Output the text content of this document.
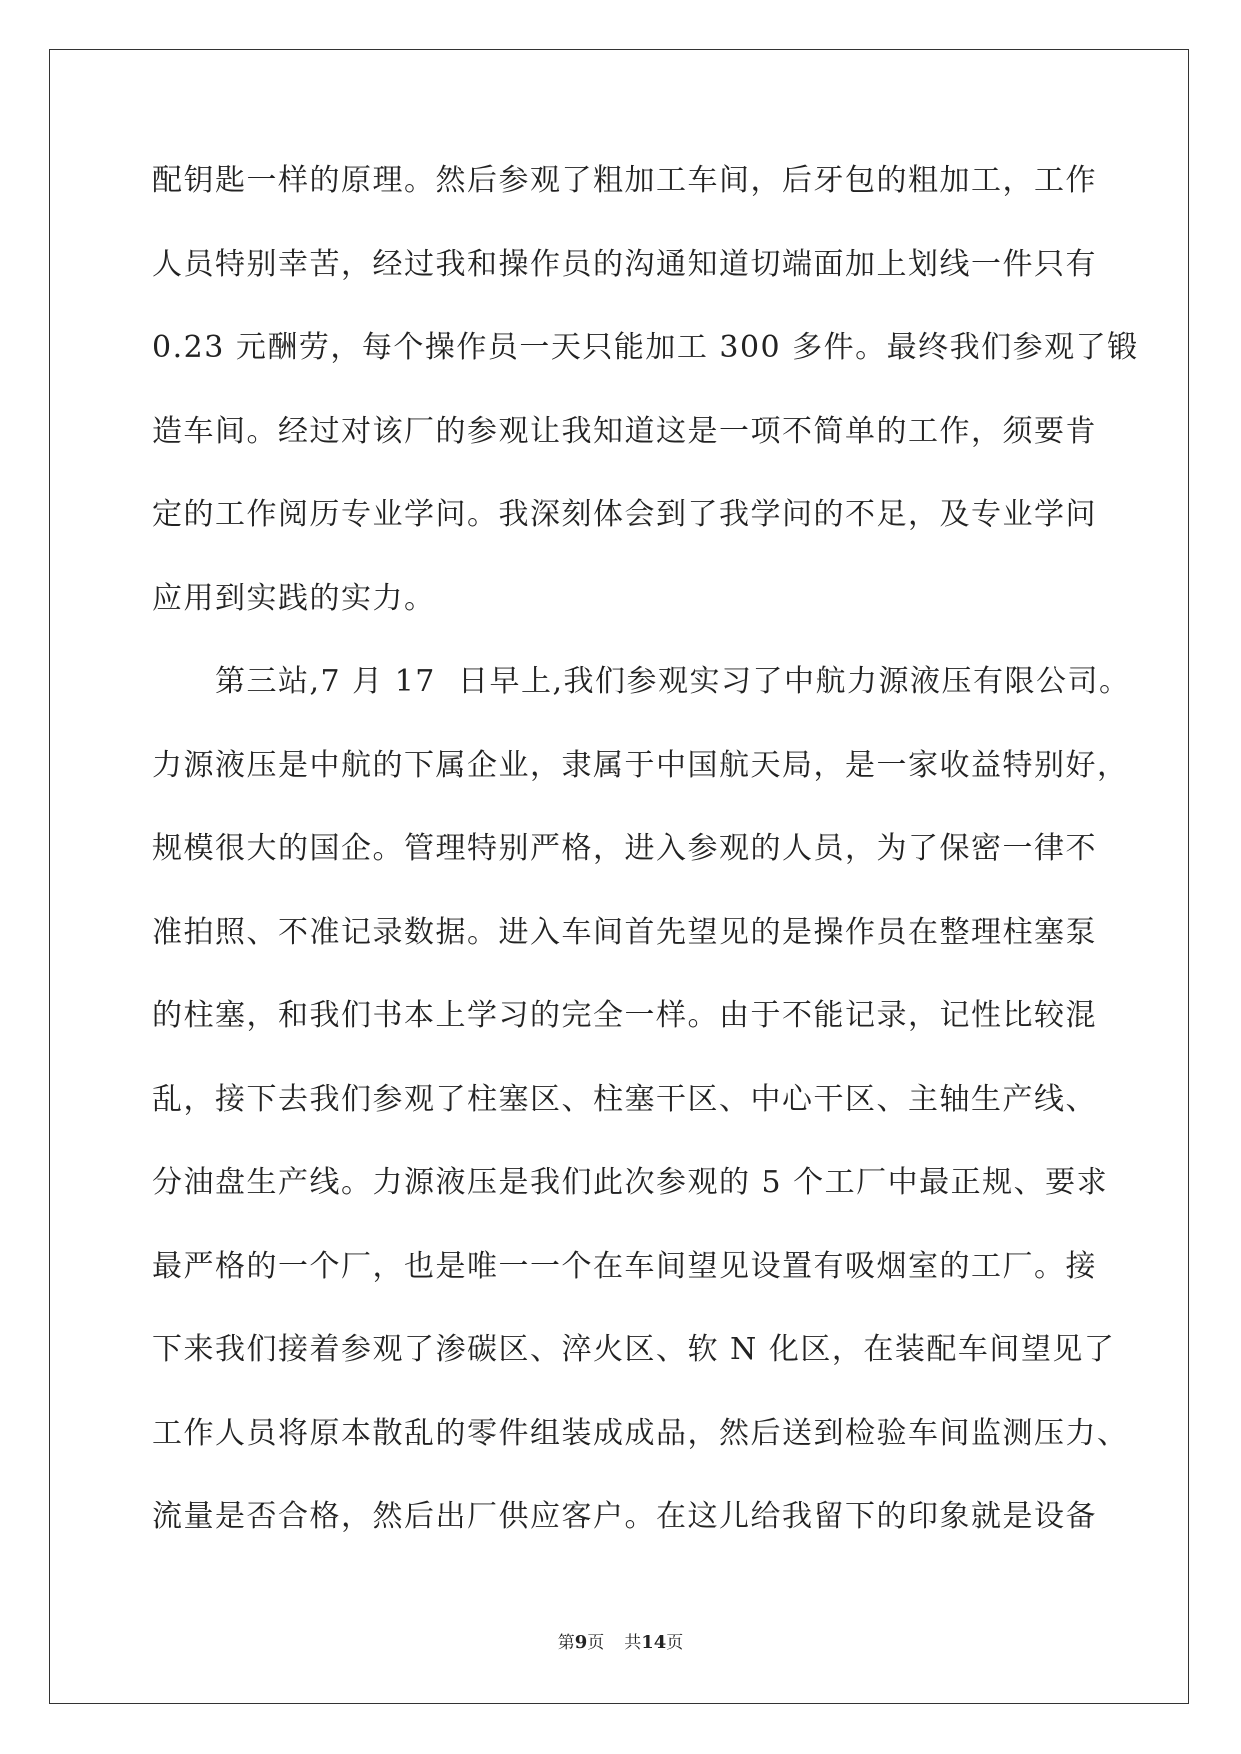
配钥匙一样的原理。然后参观了粗加工车间，后牙包的粗加工，工作
人员特别幸苦，经过我和操作员的沟通知道切端面加上划线一件只有
0.23 元酬劳，每个操作员一天只能加工 300 多件。最终我们参观了锻
造车间。经过对该厂的参观让我知道这是一项不简单的工作，须要肯
定的工作阅历专业学问。我深刻体会到了我学问的不足，及专业学问
应用到实践的实力。
第三站,7 月 17  日早上,我们参观实习了中航力源液压有限公司。
力源液压是中航的下属企业，隶属于中国航天局，是一家收益特别好，
规模很大的国企。管理特别严格，进入参观的人员，为了保密一律不
准拍照、不准记录数据。进入车间首先望见的是操作员在整理柱塞泵
的柱塞，和我们书本上学习的完全一样。由于不能记录，记性比较混
乱，接下去我们参观了柱塞区、柱塞干区、中心干区、主轴生产线、
分油盘生产线。力源液压是我们此次参观的 5 个工厂中最正规、要求
最严格的一个厂，也是唯一一个在车间望见设置有吸烟室的工厂。接
下来我们接着参观了渗碳区、淬火区、软 N 化区，在装配车间望见了
工作人员将原本散乱的零件组装成成品，然后送到检验车间监测压力、
流量是否合格，然后出厂供应客户。在这儿给我留下的印象就是设备
第9页 共14页
